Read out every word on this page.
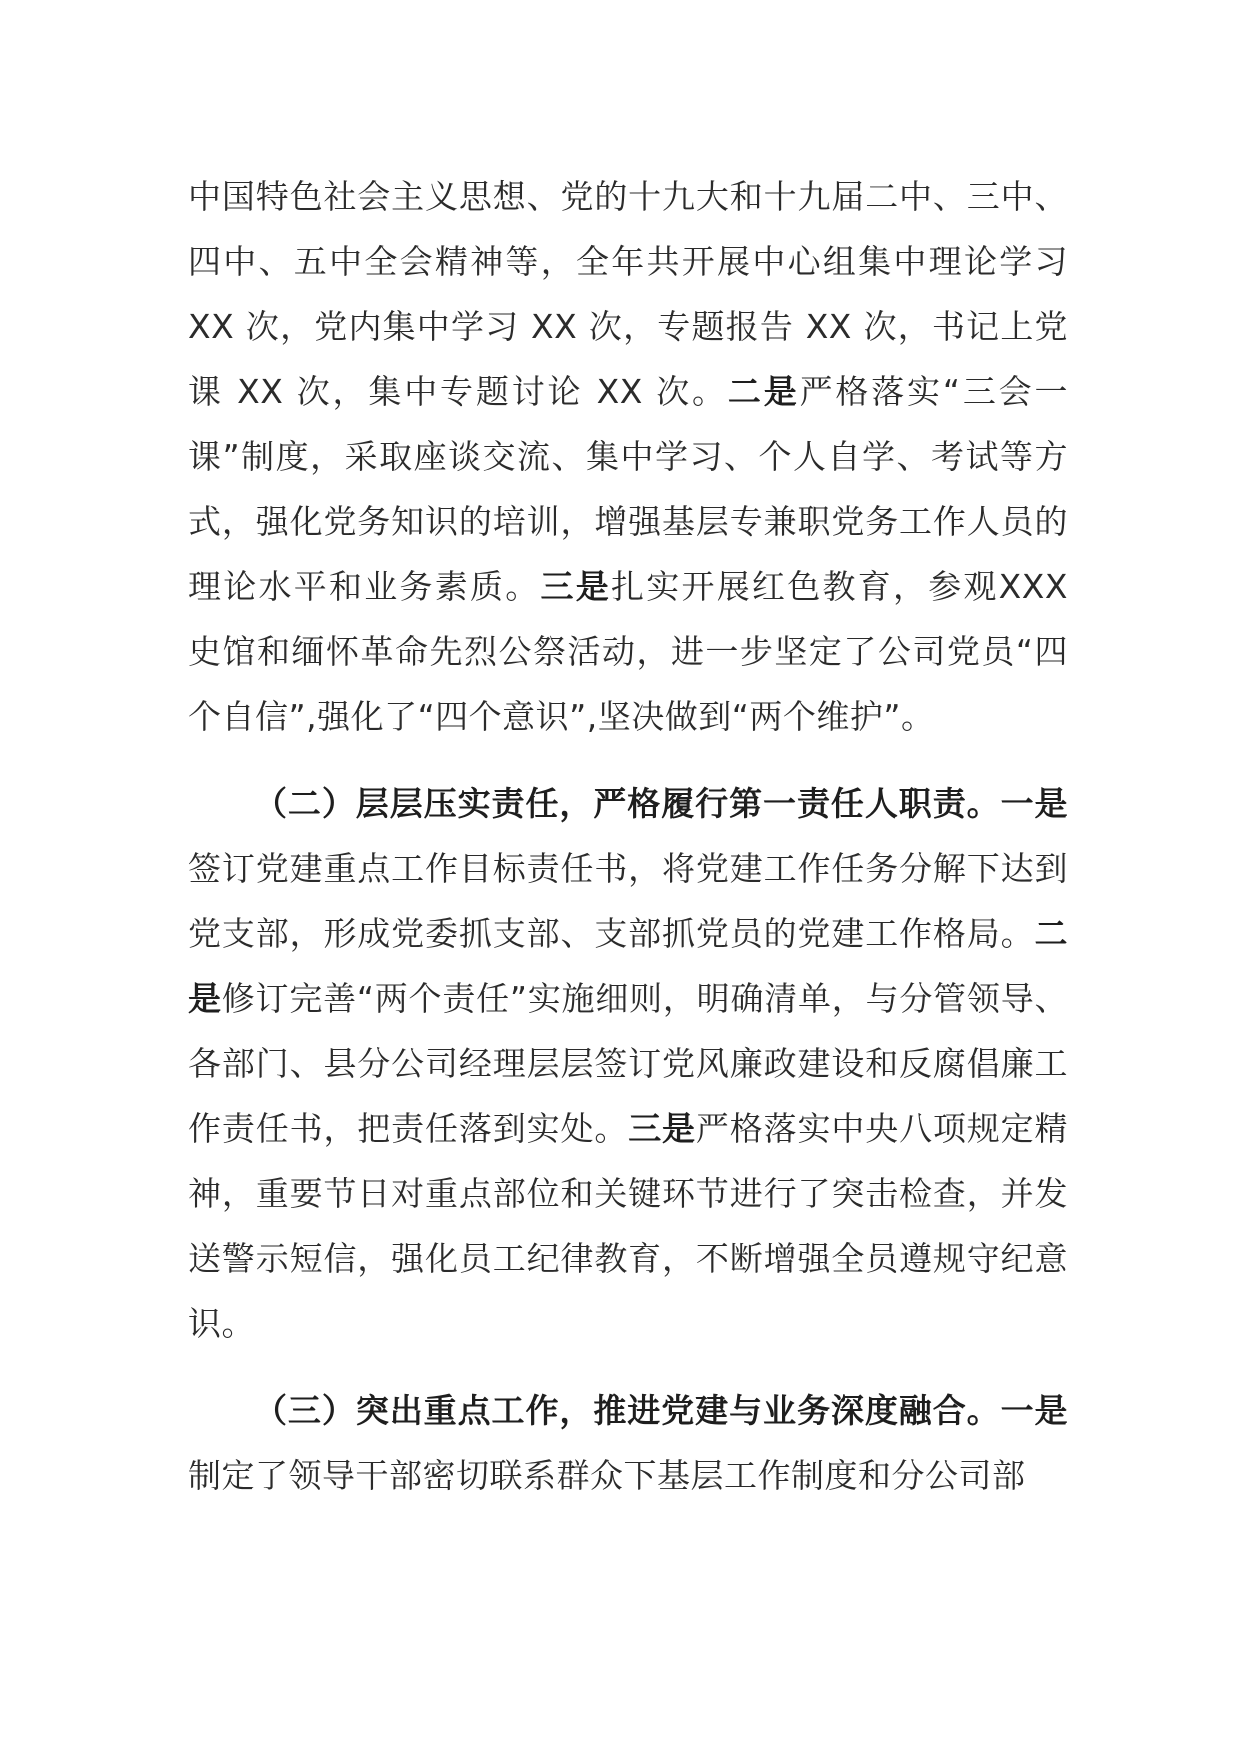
中国特色社会主义思想、党的十九大和十九届二中、三中、四中、五中全会精神等，全年共开展中心组集中理论学习XX 次，党内集中学习 XX 次，专题报告 XX 次，书记上党课 XX 次，集中专题讨论 XX 次。二是严格落实“三会一课”制度，采取座谈交流、集中学习、个人自学、考试等方式，强化党务知识的培训，增强基层专兼职党务工作人员的理论水平和业务素质。三是扎实开展红色教育，参观XXX 史馆和缅怀革命先烈公祭活动，进一步坚定了公司党员“四个自信”,强化了“四个意识”,坚决做到“两个维护”。

（二）层层压实责任，严格履行第一责任人职责。一是签订党建重点工作目标责任书，将党建工作任务分解下达到党支部，形成党委抓支部、支部抓党员的党建工作格局。二是修订完善“两个责任”实施细则，明确清单，与分管领导、各部门、县分公司经理层层签订党风廉政建设和反腐倡廉工作责任书，把责任落到实处。三是严格落实中央八项规定精神，重要节日对重点部位和关键环节进行了突击检查，并发送警示短信，强化员工纪律教育，不断增强全员遵规守纪意识。

（三）突出重点工作，推进党建与业务深度融合。一是制定了领导干部密切联系群众下基层工作制度和分公司部
